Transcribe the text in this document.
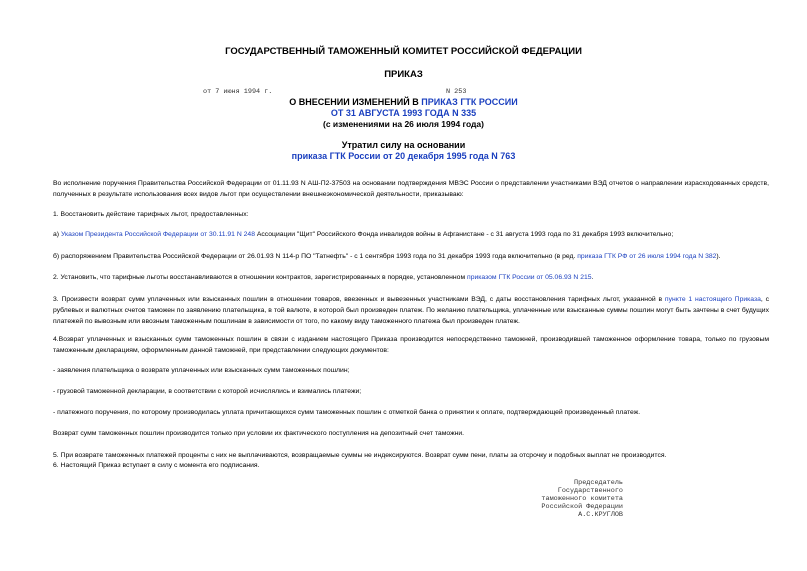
ГОСУДАРСТВЕННЫЙ ТАМОЖЕННЫЙ КОМИТЕТ РОССИЙСКОЙ ФЕДЕРАЦИИ
ПРИКАЗ
от 7 июня 1994 г.	N 253
О ВНЕСЕНИИ ИЗМЕНЕНИЙ В ПРИКАЗ ГТК РОССИИ
ОТ 31 АВГУСТА 1993 ГОДА N 335
(с изменениями на 26 июля 1994 года)
Утратил силу на основании
приказа ГТК России от 20 декабря 1995 года N 763
Во исполнение поручения Правительства Российской Федерации от 01.11.93 N АШ-П2-37503 на основании подтверждения МВЭС России о представлении участниками ВЭД отчетов о направлении израсходованных средств, полученных в результате использования всех видов льгот при осуществлении внешнеэкономической деятельности, приказываю:
1. Восстановить действие тарифных льгот, предоставленных:
а) Указом Президента Российской Федерации от 30.11.91 N 248 Ассоциации "Щит" Российского Фонда инвалидов войны в Афганистане - с 31 августа 1993 года по 31 декабря 1993 включительно;
б) распоряжением Правительства Российской Федерации от 26.01.93 N 114-р ПО "Татнефть" - с 1 сентября 1993 года по 31 декабря 1993 года включительно (в ред. приказа ГТК РФ от 26 июля 1994 года N 382).
2. Установить, что тарифные льготы восстанавливаются в отношении контрактов, зарегистрированных в порядке, установленном приказом ГТК России от 05.06.93 N 215.
3. Произвести возврат сумм уплаченных или взысканных пошлин в отношении товаров, ввезенных и вывезенных участниками ВЭД, с даты восстановления тарифных льгот, указанной в пункте 1 настоящего Приказа, с рублевых и валютных счетов таможен по заявлению плательщика, в той валюте, в которой был произведен платеж. По желанию плательщика, уплаченные или взысканные суммы пошлин могут быть зачтены в счет будущих платежей по вывозным или ввозным таможенным пошлинам в зависимости от того, по какому виду таможенного платежа был произведен платеж.
4.Возврат уплаченных и взысканных сумм таможенных пошлин в связи с изданием настоящего Приказа производится непосредственно таможней, производившей таможенное оформление товара, только по грузовым таможенным декларациям, оформленным данной таможней, при представлении следующих документов:
- заявления плательщика о возврате уплаченных или взысканных сумм таможенных пошлин;
- грузовой таможенной декларации, в соответствии с которой исчислялись и взимались платежи;
- платежного поручения, по которому производилась уплата причитающихся сумм таможенных пошлин с отметкой банка о принятии к оплате, подтверждающей произведенный платеж.
Возврат сумм таможенных пошлин производится только при условии их фактического поступления на депозитный счет таможни.
5. При возврате таможенных платежей проценты с них не выплачиваются, возвращаемые суммы не индексируются. Возврат сумм пени, платы за отсрочку и подобных выплат не производится.
6. Настоящий Приказ вступает в силу с момента его подписания.
Председатель
Государственного
таможенного комитета
Российской Федерации
А.С.КРУГЛОВ
